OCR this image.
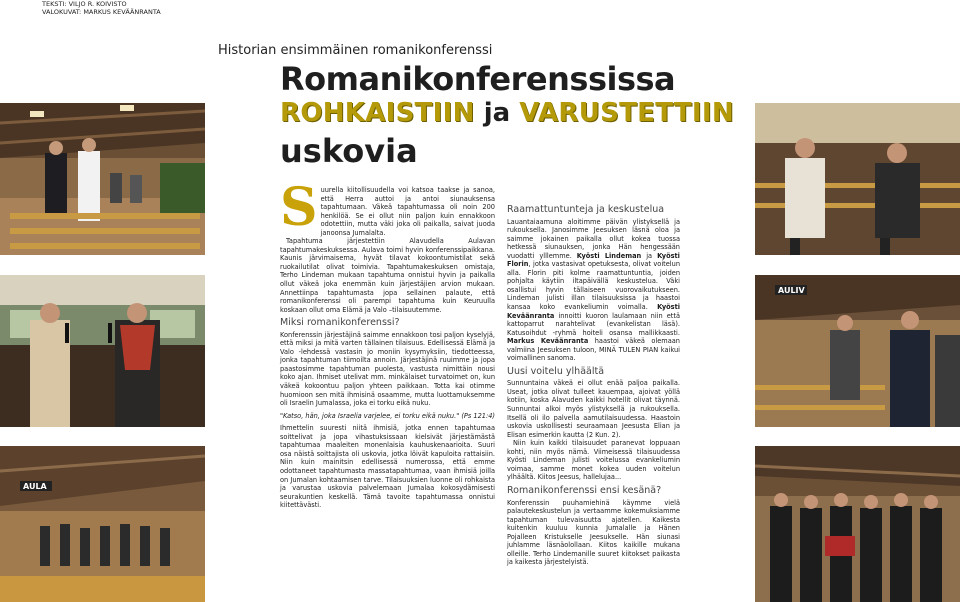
TEKSTI: VILJO R. KOIVISTO
VALOKUVAT: MARKUS KEVÄÄNRANTA
Historian ensimmäinen romanikonferenssi
Romanikonferenssissa
ROHKAISTIIN ja VARUSTETTIIN
uskovia
AULA
AULIV

Suurella kiitollisuudella voi katsoa taakse ja sanoa, että Herra auttoi ja antoi siunauksensa tapahtumaan. Väkeä tapahtumassa oli noin 200 henkilöä. Se ei ollut niin paljon kuin ennakkoon odotettiin, mutta väki joka oli paikalla, saivat juoda janoonsa Jumalalta.

Tapahtuma järjestettiin Alavudella Aulavan tapahtumakeskuksessa. Aulava toimi hyvin konferenssipaikkana. Kaunis järvimaisema, hyvät tilavat kokoontumistilat sekä ruokailutilat olivat toimivia. Tapahtumakeskuksen omistaja, Terho Lindeman mukaan tapahtuma onnistui hyvin ja paikalla ollut väkeä joka enemmän kuin järjestäjien arvion mukaan. Annettiinpa tapahtumasta jopa sellainen palaute, että romanikonferenssi oli parempi tapahtuma kuin Keuruulla koskaan ollut oma Elämä ja Valo –tilaisuutemme.

Miksi romanikonferenssi?

Konferenssin järjestäjinä saimme ennakkoon tosi paljon kyselyjä, että miksi ja mitä varten tällainen tilaisuus. Edellisessä Elämä ja Valo -lehdessä vastasin jo moniin kysymyksiin, tiedotteessa, jonka tapahtuman tiimoilta annoin. Järjestäjinä ruuimme ja jopa paastosimme tapahtuman puolesta, vastusta nimittäin nousi koko ajan. Ihmiset utelivat mm. minkälaiset turvatoimet on, kun väkeä kokoontuu paljon yhteen paikkaan. Totta kai otimme huomioon sen mitä ihmisinä osaamme, mutta luottamuksemme oli Israelin Jumalassa, joka ei torku eikä nuku.

"Katso, hän, joka Israelia varjelee, ei torku eikä nuku." (Ps 121:4)

Ihmettelin suuresti niitä ihmisiä, jotka ennen tapahtumaa soittelivat ja jopa vihastuksissaan kielsivät järjestämästä tapahtumaa maaleiten monenlaisia kauhuskenaarioita. Suuri osa näistä soittajista oli uskovia, jotka löivät kapuloita rattaisiin. Niin kuin mainitsin edellisessä numerossa, että emme odottaneet tapahtumasta massatapahtumaa, vaan ihmisiä joilla on Jumalan kohtaamisen tarve. Tilaisuuksien luonne oli rohkaista ja varustaa uskovia palvelemaan Jumalaa kokosydämisesti seurakuntien keskellä. Tämä tavoite tapahtumassa onnistui kiitettävästi.

Raamattuntunteja ja keskustelua

Lauantaiaamuna aloitimme päivän ylistyksellä ja rukouksella. Janosimme Jeesuksen läsnä oloa ja saimme jokainen paikalla ollut kokea tuossa hetkessä siunauksen, jonka Hän hengessään vuodatti ylllemme. Kyösti Lindeman ja Kyösti Florin, jotka vastasivat opetuksesta, olivat voitelun alla. Florin piti kolme raamattuntuntia, joiden pohjalta käytiin iltapäivällä keskustelua. Väki osallistui hyvin tällaiseen vuorovaikutukseen. Lindeman julisti illan tilaisuuksissa ja haastoi kansaa koko evankeliumin voimalla. Kyösti Keväänranta innoitti kuoron laulamaan niin että kattoparrut narahtelivat (evankelistan läsä). Katusoihdut -ryhmä hoiteli osansa mallikkaasti. Markus Keväänranta haastoi väkeä olemaan valmiina Jeesuksen tuloon, MINÄ TULEN PIAN kaikui voimallinen sanoma.

Uusi voitelu ylhäältä

Sunnuntaina väkeä ei ollut enää paljoa paikalla. Useat, jotka olivat tulleet kauempaa, ajoivat yöllä kotiin, koska Alavuden kaikki hotellit olivat täynnä. Sunnuntai alkoi myös ylistyksellä ja rukouksella. Itsellä oli ilo palvella aamutilaisuudessa. Haastoin uskovia uskollisesti seuraamaan Jeesusta Elian ja Elisan esimerkin kautta (2 Kun. 2).

Niin kuin kaikki tilaisuudet paranevat loppuaan kohti, niin myös nämä. Viimeisessä tilaisuudessa Kyösti Lindeman julisti voitelussa evankeliumin voimaa, samme monet kokea uuden voitelun ylhäältä. Kiitos Jeesus, hallelujaa...

Romanikonferenssi ensi kesänä?

Konferenssin puuhamiehinä käymme vielä palautekeskustelun ja vertaamme kokemuksiamme tapahtuman tulevaisuutta ajatellen. Kaikesta kuitenkin kuuluu kunnia Jumalalle ja Hänen Pojalleen Kristukselle Jeesukselle. Hän siunasi juhlamme läsnäolollaan. Kiitos kaikille mukana olleille. Terho Lindemanille suuret kiitokset paikasta ja kaikesta järjestelyistä.
